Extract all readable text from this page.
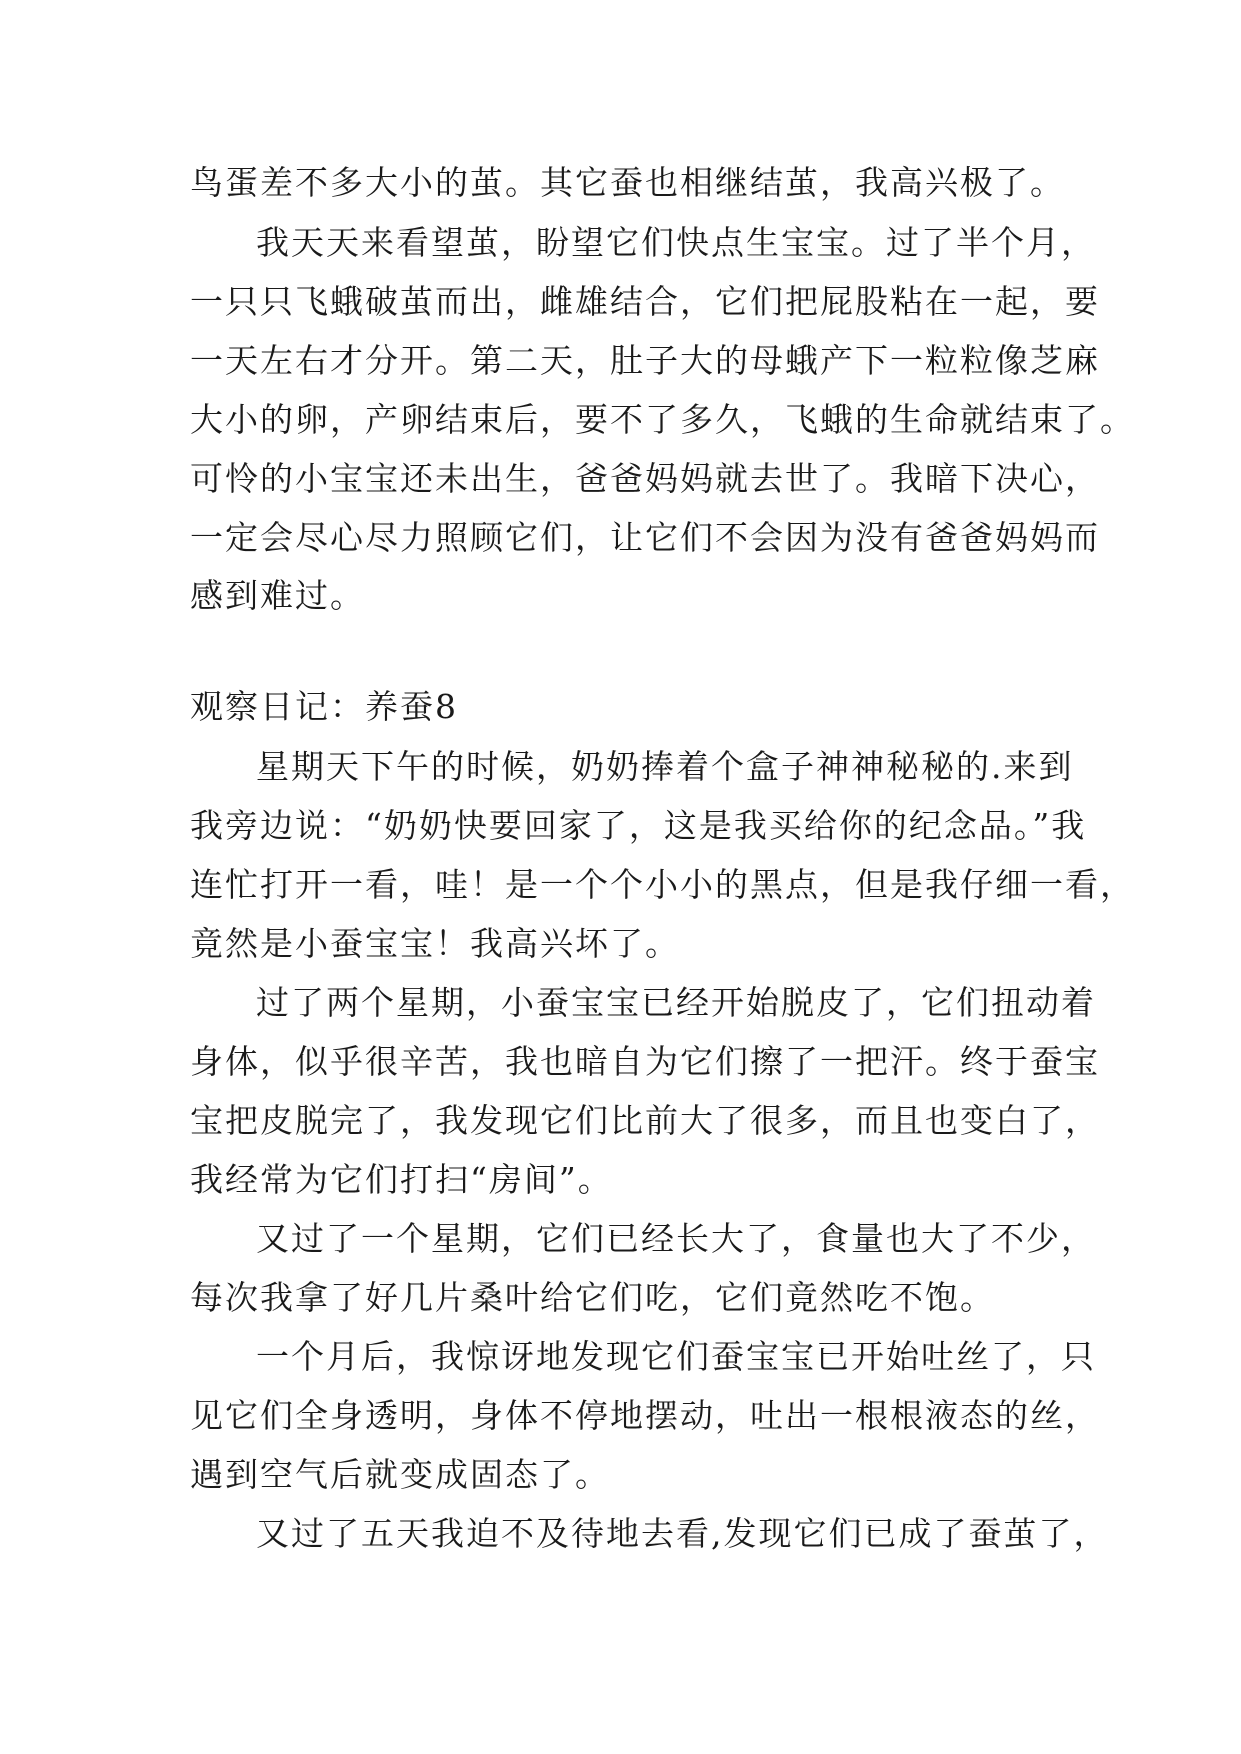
鸟蛋差不多大小的茧。其它蚕也相继结茧，我高兴极了。
我天天来看望茧，盼望它们快点生宝宝。过了半个月，
一只只飞蛾破茧而出，雌雄结合，它们把屁股粘在一起，要
一天左右才分开。第二天，肚子大的母蛾产下一粒粒像芝麻
大小的卵，产卵结束后，要不了多久，飞蛾的生命就结束了。
可怜的小宝宝还未出生，爸爸妈妈就去世了。我暗下决心，
一定会尽心尽力照顾它们，让它们不会因为没有爸爸妈妈而
感到难过。
观察日记：养蚕8
星期天下午的时候，奶奶捧着个盒子神神秘秘的.来到
我旁边说：“奶奶快要回家了，这是我买给你的纪念品。”我
连忙打开一看，哇！是一个个小小的黑点，但是我仔细一看，
竟然是小蚕宝宝！我高兴坏了。
过了两个星期，小蚕宝宝已经开始脱皮了，它们扭动着
身体，似乎很辛苦，我也暗自为它们擦了一把汗。终于蚕宝
宝把皮脱完了，我发现它们比前大了很多，而且也变白了，
我经常为它们打扫“房间”。
又过了一个星期，它们已经长大了，食量也大了不少，
每次我拿了好几片桑叶给它们吃，它们竟然吃不饱。
一个月后，我惊讶地发现它们蚕宝宝已开始吐丝了，只
见它们全身透明，身体不停地摆动，吐出一根根液态的丝，
遇到空气后就变成固态了。
又过了五天我迫不及待地去看,发现它们已成了蚕茧了，
